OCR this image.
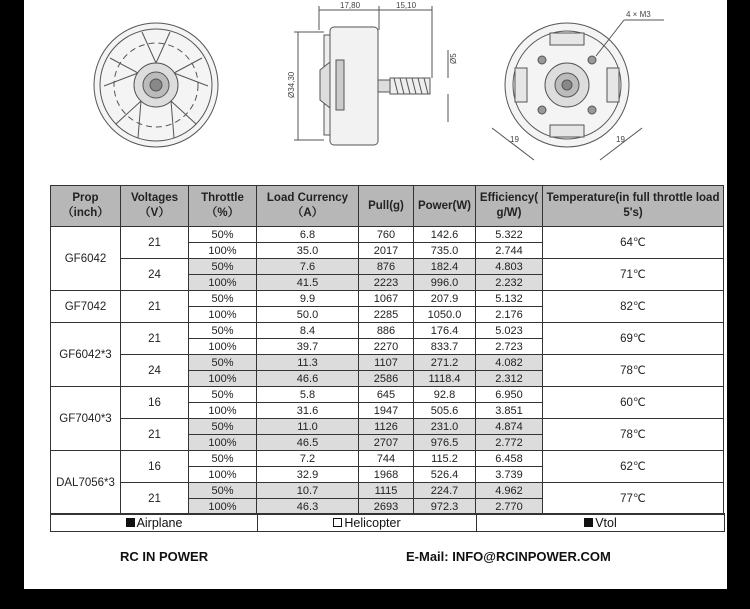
17,80	15,10
Ø34,30
Ø5
4 × M3
19	19
Prop （inch）	Voltages （V）	Throttle （%）	Load Currency （A）	Pull(g)	Power(W)	Efficiency( g/W)	Temperature(in full throttle load 5's)
GF6042	21	50%	6.8	760	142.6	5.322	64℃
		100%	35.0	2017	735.0	2.744	
	24	50%	7.6	876	182.4	4.803	71℃
		100%	41.5	2223	996.0	2.232	
GF7042	21	50%	9.9	1067	207.9	5.132	82℃
		100%	50.0	2285	1050.0	2.176	
GF6042*3	21	50%	8.4	886	176.4	5.023	69℃
		100%	39.7	2270	833.7	2.723	
	24	50%	11.3	1107	271.2	4.082	78℃
		100%	46.6	2586	1118.4	2.312	
GF7040*3	16	50%	5.8	645	92.8	6.950	60℃
		100%	31.6	1947	505.6	3.851	
	21	50%	11.0	1126	231.0	4.874	78℃
		100%	46.5	2707	976.5	2.772	
DAL7056*3	16	50%	7.2	744	115.2	6.458	62℃
		100%	32.9	1968	526.4	3.739	
	21	50%	10.7	1115	224.7	4.962	77℃
		100%	46.3	2693	972.3	2.770	
Airplane	Helicopter	Vtol
RC IN POWER	E-Mail: INFO@RCINPOWER.COM
